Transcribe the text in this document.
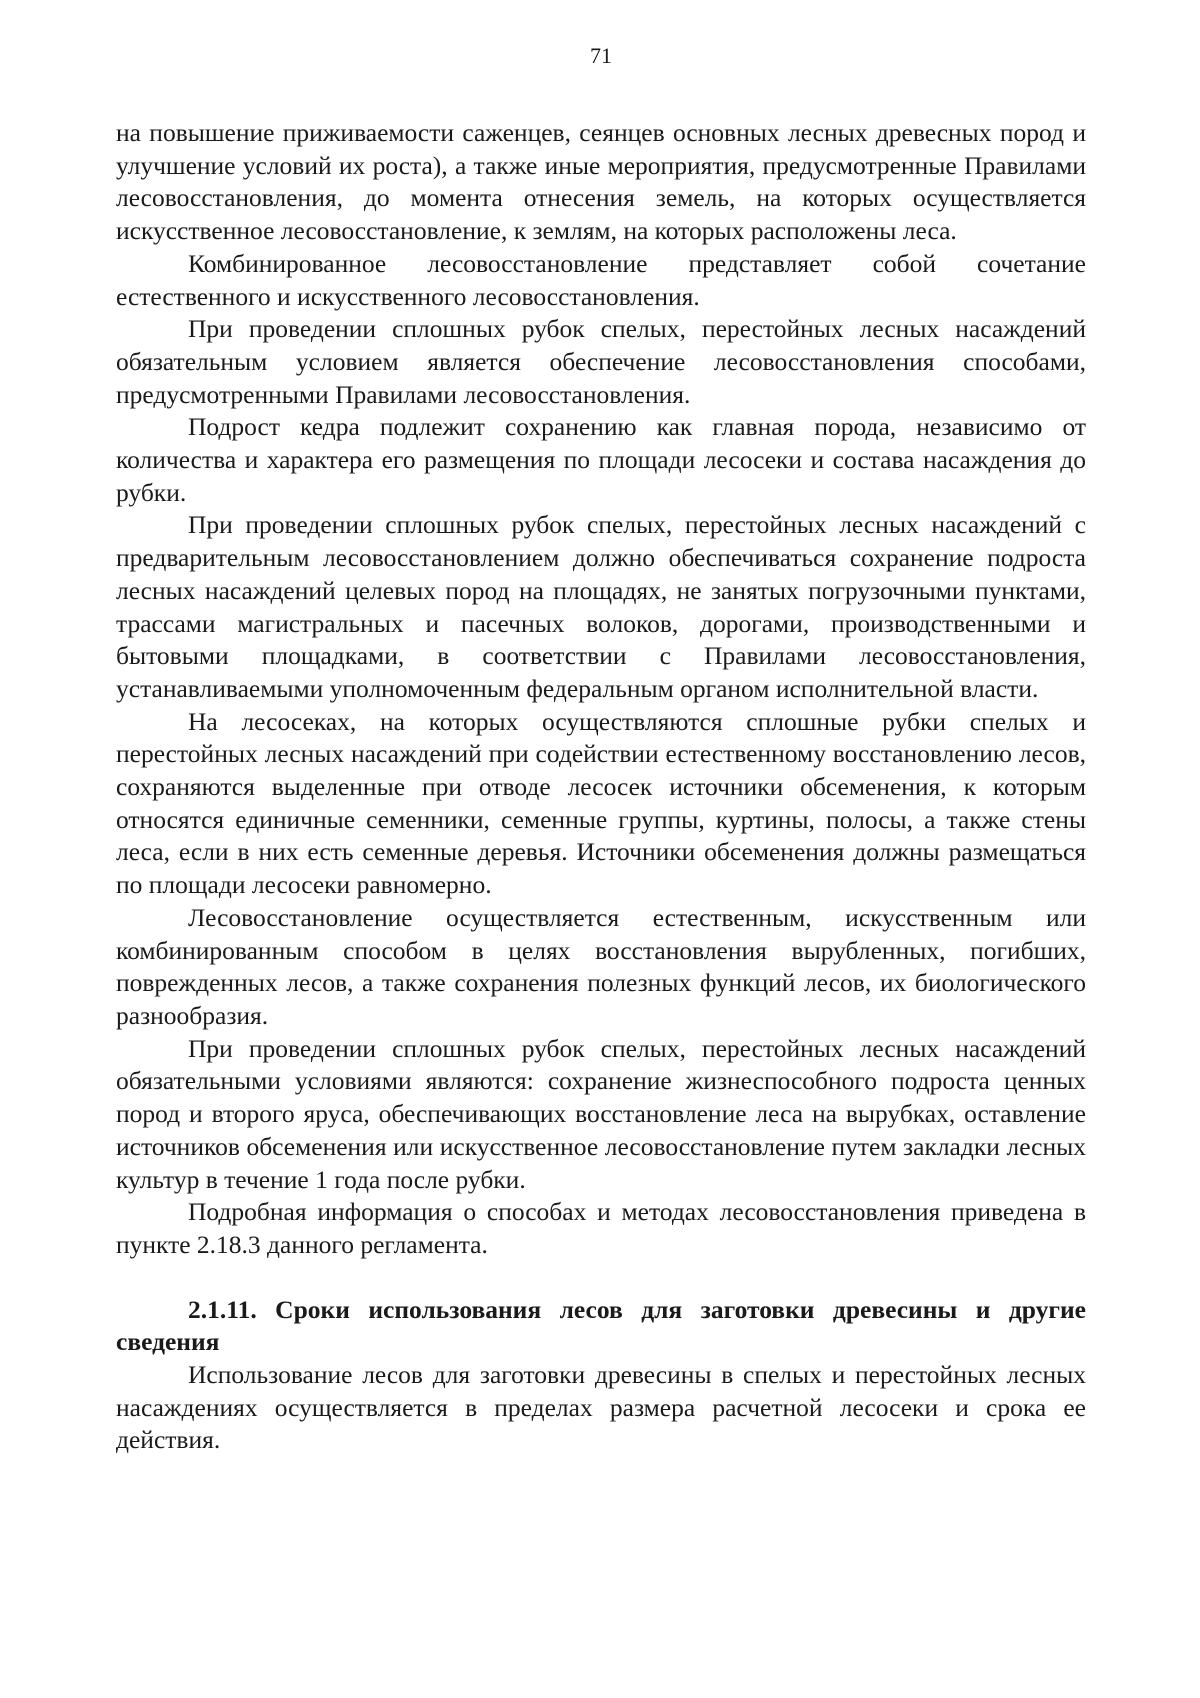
71

на повышение приживаемости саженцев, сеянцев основных лесных древесных пород и улучшение условий их роста), а также иные мероприятия, предусмотренные Правилами лесовосстановления, до момента отнесения земель, на которых осуществляется искусственное лесовосстановление, к землям, на которых расположены леса.

Комбинированное лесовосстановление представляет собой сочетание естественного и искусственного лесовосстановления.

При проведении сплошных рубок спелых, перестойных лесных насаждений обязательным условием является обеспечение лесовосстановления способами, предусмотренными Правилами лесовосстановления.

Подрост кедра подлежит сохранению как главная порода, независимо от количества и характера его размещения по площади лесосеки и состава насаждения до рубки.

При проведении сплошных рубок спелых, перестойных лесных насаждений с предварительным лесовосстановлением должно обеспечиваться сохранение подроста лесных насаждений целевых пород на площадях, не занятых погрузочными пунктами, трассами магистральных и пасечных волоков, дорогами, производственными и бытовыми площадками, в соответствии с Правилами лесовосстановления, устанавливаемыми уполномоченным федеральным органом исполнительной власти.

На лесосеках, на которых осуществляются сплошные рубки спелых и перестойных лесных насаждений при содействии естественному восстановлению лесов, сохраняются выделенные при отводе лесосек источники обсеменения, к которым относятся единичные семенники, семенные группы, куртины, полосы, а также стены леса, если в них есть семенные деревья. Источники обсеменения должны размещаться по площади лесосеки равномерно.

Лесовосстановление осуществляется естественным, искусственным или комбинированным способом в целях восстановления вырубленных, погибших, поврежденных лесов, а также сохранения полезных функций лесов, их биологического разнообразия.

При проведении сплошных рубок спелых, перестойных лесных насаждений обязательными условиями являются: сохранение жизнеспособного подроста ценных пород и второго яруса, обеспечивающих восстановление леса на вырубках, оставление источников обсеменения или искусственное лесовосстановление путем закладки лесных культур в течение 1 года после рубки.

Подробная информация о способах и методах лесовосстановления приведена в пункте 2.18.3 данного регламента.

2.1.11. Сроки использования лесов для заготовки древесины и другие сведения

Использование лесов для заготовки древесины в спелых и перестойных лесных насаждениях осуществляется в пределах размера расчетной лесосеки и срока ее действия.
